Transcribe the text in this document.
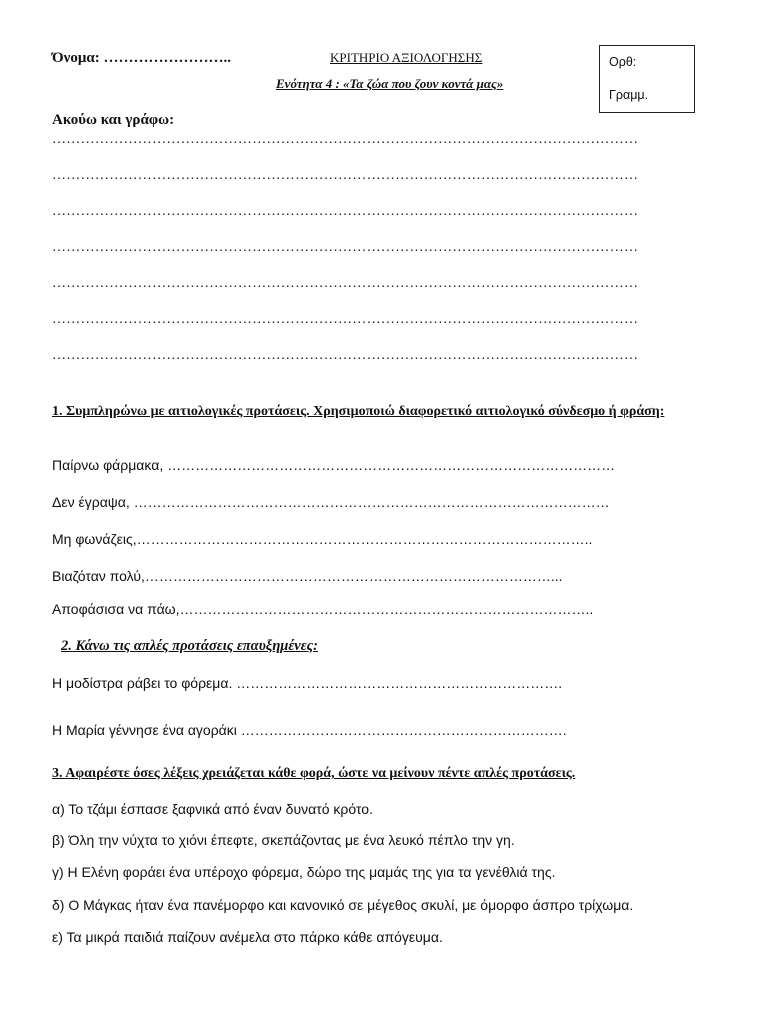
Όνομα: ……………………..	ΚΡΙΤΗΡΙΟ ΑΞΙΟΛΟΓΗΣΗΣ
Ενότητα 4 : «Τα ζώα που ζουν κοντά μας»
Ορθ:
Γραμμ.
Ακούω και γράφω:
……………………………………………………………………………………………………………
……………………………………………………………………………………………………………
……………………………………………………………………………………………………………
……………………………………………………………………………………………………………
……………………………………………………………………………………………………………
……………………………………………………………………………………………………………
……………………………………………………………………………………………………………
1. Συμπληρώνω με αιτιολογικές προτάσεις. Χρησιμοποιώ διαφορετικό αιτιολογικό σύνδεσμο ή φράση:
Παίρνω φάρμακα, ……………………………………………………………………………………
Δεν έγραψα, …………………………………………………………………………………………
Μη φωνάζεις,……………………………………………………………………………………..
Βιαζόταν πολύ,……………………………………………………………………………...
Αποφάσισα να πάω,……………………………………………………………………………..
2. Κάνω τις απλές προτάσεις επαυξημένες:
Η μοδίστρα ράβει το φόρεμα. …………………………………………………………….
Η Μαρία γέννησε ένα αγοράκι …………………………………………………………….
3. Αφαιρέστε όσες λέξεις χρειάζεται κάθε φορά, ώστε να μείνουν πέντε απλές προτάσεις.
α) Το τζάμι έσπασε ξαφνικά από έναν δυνατό κρότο.
β) Όλη την νύχτα το χιόνι έπεφτε, σκεπάζοντας με ένα λευκό πέπλο την γη.
γ) Η Ελένη φοράει ένα υπέροχο φόρεμα, δώρο της μαμάς της για τα γενέθλιά της.
δ) Ο Μάγκας ήταν ένα πανέμορφο και κανονικό σε μέγεθος σκυλί, με όμορφο άσπρο τρίχωμα.
ε) Τα μικρά παιδιά παίζουν ανέμελα στο πάρκο κάθε απόγευμα.
